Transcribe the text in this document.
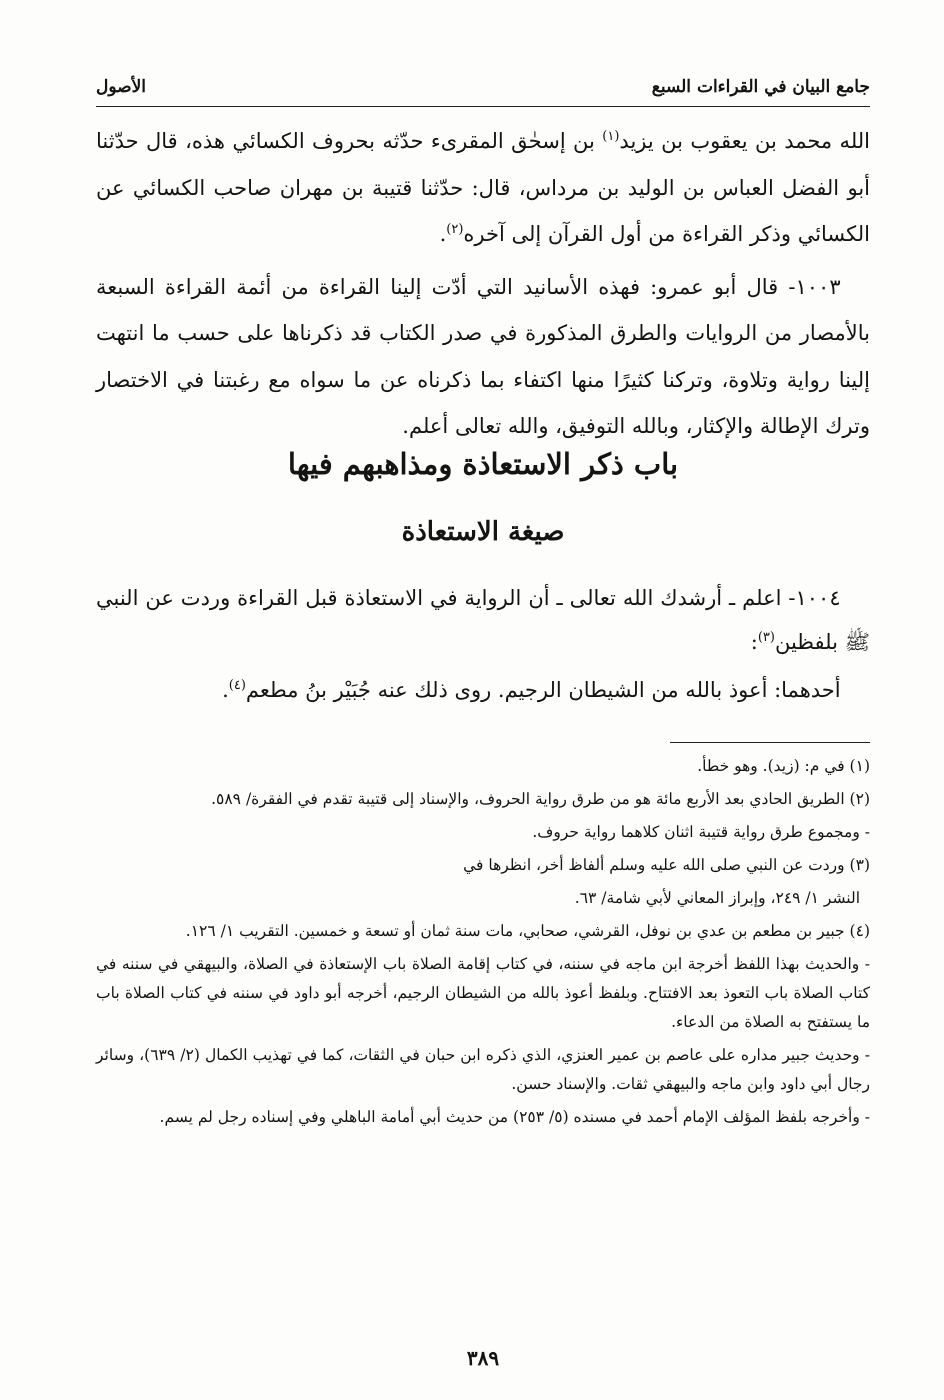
جامع البيان في القراءات السبع
الأصول

الله محمد بن يعقوب بن يزيد$^{(١)}$ بن إسحٰق المقرىء حدّثه بحروف الكسائي هذه، قال حدّثنا أبو الفضل العباس بن الوليد بن مرداس، قال: حدّثنا قتيبة بن مهران صاحب الكسائي عن الكسائي وذكر القراءة من أول القرآن إلى آخره$^{(٢)}$.

١٠٠٣- قال أبو عمرو: فهذه الأسانيد التي أدّت إلينا القراءة من أئمة القراءة السبعة بالأمصار من الروايات والطرق المذكورة في صدر الكتاب قد ذكرناها على حسب ما انتهت إلينا رواية وتلاوة، وتركنا كثيرًا منها اكتفاء بما ذكرناه عن ما سواه مع رغبتنا في الاختصار وترك الإطالة والإكثار، وبالله التوفيق، والله تعالى أعلم.

باب ذكر الاستعاذة ومذاهبهم فيها
صيغة الاستعاذة

١٠٠٤- اعلم ـ أرشدك الله تعالى ـ أن الرواية في الاستعاذة قبل القراءة وردت عن النبي ﷺ بلفظين$^{(٣)}$:

أحدهما: أعوذ بالله من الشيطان الرجيم. روى ذلك عنه جُبَيْر بنُ مطعم$^{(٤)}$.

(١) في م: (زيد). وهو خطأ.

(٢) الطريق الحادي بعد الأربع مائة هو من طرق رواية الحروف، والإسناد إلى قتيبة تقدم في الفقرة/ ٥٨٩.

- ومجموع طرق رواية قتيبة اثنان كلاهما رواية حروف.

(٣) وردت عن النبي صلى الله عليه وسلم ألفاظ أخر، انظرها في

النشر ١/ ٢٤٩، وإبراز المعاني لأبي شامة/ ٦٣.

(٤) جبير بن مطعم بن عدي بن نوفل، القرشي، صحابي، مات سنة ثمان أو تسعة و خمسين. التقريب ١/ ١٢٦.

- والحديث بهذا اللفظ أخرجة ابن ماجه في سننه، في كتاب إقامة الصلاة باب الإستعاذة في الصلاة، والبيهقي في سننه في كتاب الصلاة باب التعوذ بعد الافتتاح. وبلفظ أعوذ بالله من الشيطان الرجيم، أخرجه أبو داود في سننه في كتاب الصلاة باب ما يستفتح به الصلاة من الدعاء.

- وحديث جبير مداره على عاصم بن عمير العنزي، الذي ذكره ابن حبان في الثقات، كما في تهذيب الكمال (٢/ ٦٣٩)، وسائر رجال أبي داود وابن ماجه والبيهقي ثقات. والإسناد حسن.

- وأخرجه بلفظ المؤلف الإمام أحمد في مسنده (٥/ ٢٥٣) من حديث أبي أمامة الباهلي وفي إسناده رجل لم يسم.

٣٨٩
